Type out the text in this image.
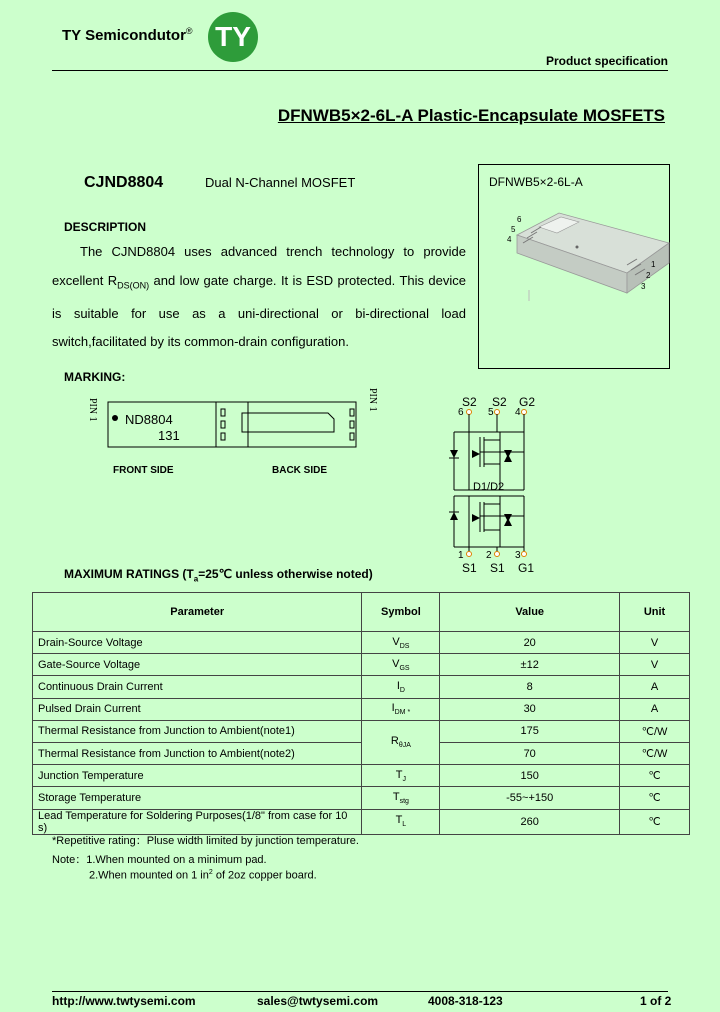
TY Semicondutor® TY
Product specification
DFNWB5×2-6L-A Plastic-Encapsulate MOSFETS
CJND8804	Dual N-Channel MOSFET
DESCRIPTION
The CJND8804 uses advanced trench technology to provide excellent $R_{DS(ON)}$ and low gate charge. It is ESD protected. This device is suitable for use as a uni-directional or bi-directional load switch,facilitated by its common-drain configuration.
DFNWB5×2-6L-A
6
5
4
1
2
3
MARKING:
PIN 1 ND8804
131
PIN 1
FRONT SIDE	BACK SIDE
S2 S2 G2
6 5 4
D1/D2
1 2 3
S1 S1 G1
MAXIMUM RATINGS ($T_a=25℃$ unless otherwise noted)
Parameter	Symbol	Value	Unit
Drain-Source Voltage	$V_{DS}$	20	V
Gate-Source Voltage	$V_{GS}$	±12	V
Continuous Drain Current	$I_D$	8	A
Pulsed Drain Current	$I_{DM *}$	30	A
Thermal Resistance from Junction to Ambient(note1)	$R_{\theta JA}$	175	℃/W
Thermal Resistance from Junction to Ambient(note2)		70	℃/W
Junction Temperature	$T_J$	150	℃
Storage Temperature	$T_{stg}$	-55~+150	℃
Lead Temperature for Soldering Purposes(1/8" from case for 10 s)	$T_L$	260	℃
*Repetitive rating：Pluse width limited by junction temperature.
Note：1.When mounted on a minimum pad.
2.When mounted on 1 $in^2$ of 2oz copper board.
http://www.twtysemi.com	sales@twtysemi.com	4008-318-123	1 of 2
